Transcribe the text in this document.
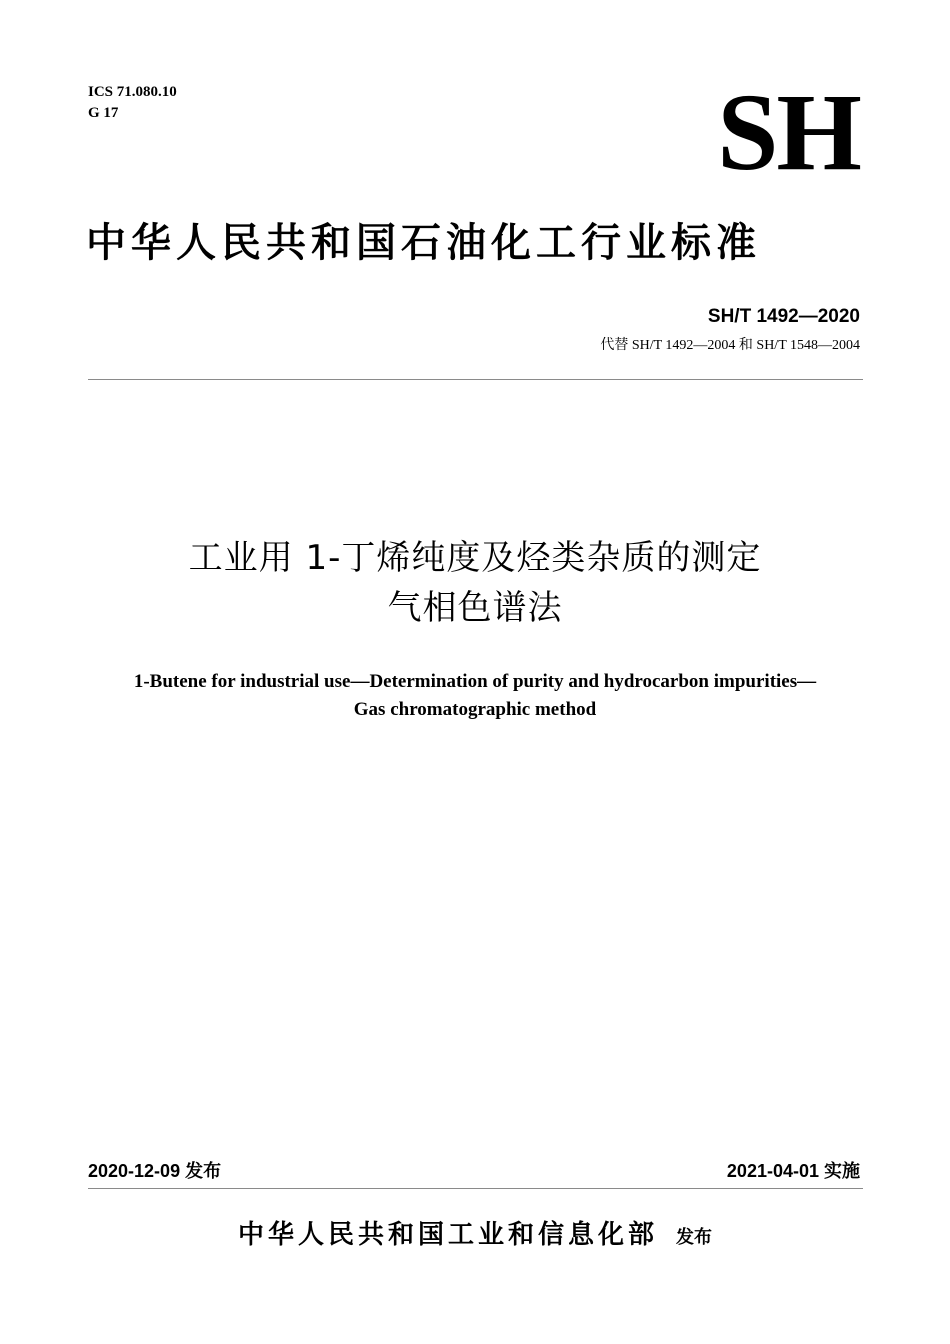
ICS 71.080.10
G 17	SH
中华人民共和国石油化工行业标准
SH/T 1492—2020
代替 SH/T 1492—2004 和 SH/T 1548—2004
工业用 1-丁烯纯度及烃类杂质的测定
气相色谱法
1-Butene for industrial use—Determination of purity and hydrocarbon impurities—
Gas chromatographic method
2020-12-09 发布	2021-04-01 实施
中华人民共和国工业和信息化部 发布
